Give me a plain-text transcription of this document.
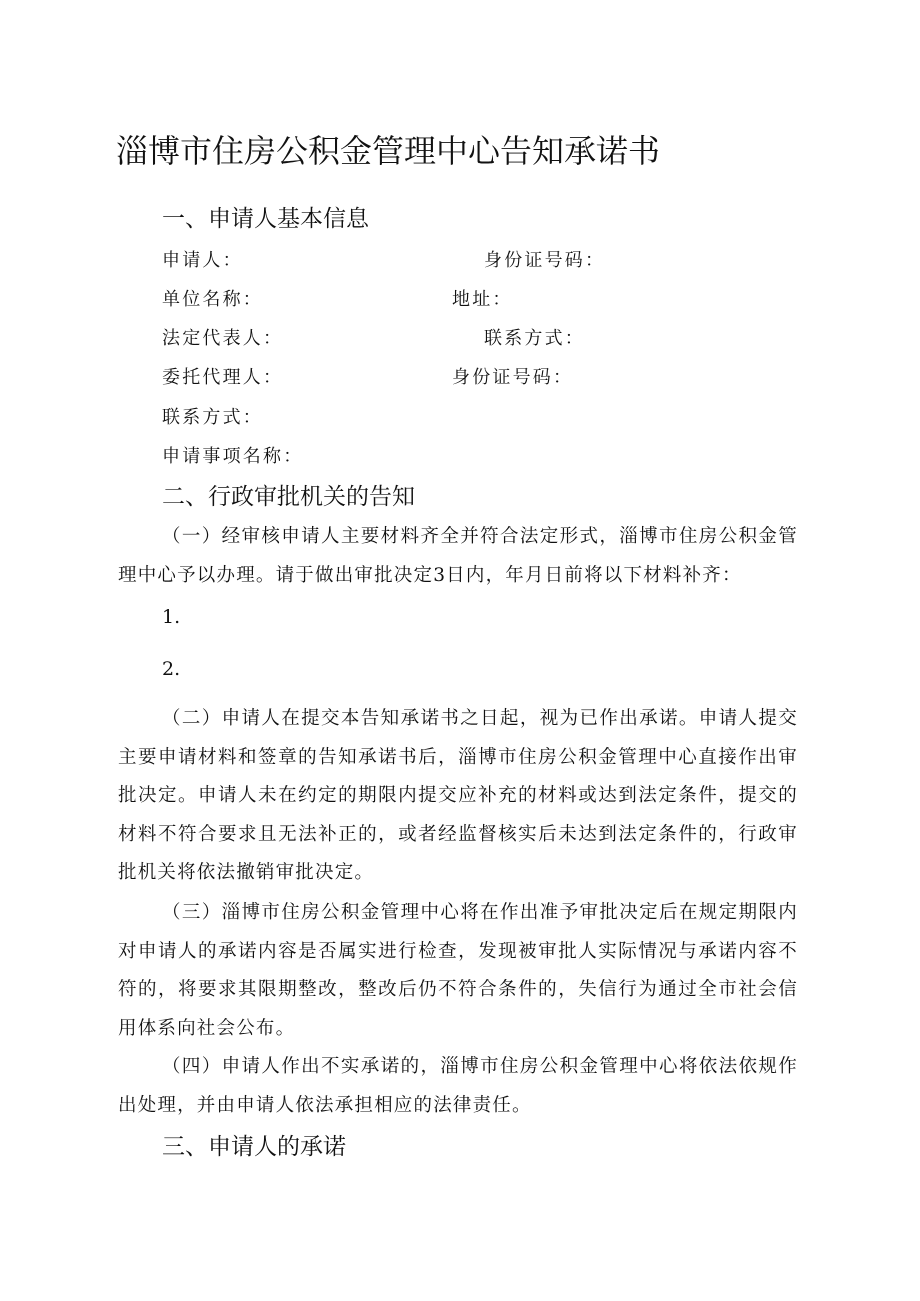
淄博市住房公积金管理中心告知承诺书
一、申请人基本信息
申请人：	身份证号码：
单位名称：	地址：
法定代表人：	联系方式：
委托代理人：	身份证号码：
联系方式：
申请事项名称：
二、行政审批机关的告知

（一）经审核申请人主要材料齐全并符合法定形式，淄博市住房公积金管理中心予以办理。请于做出审批决定3日内，年月日前将以下材料补齐：

1.
2.

（二）申请人在提交本告知承诺书之日起，视为已作出承诺。申请人提交主要申请材料和签章的告知承诺书后，淄博市住房公积金管理中心直接作出审批决定。申请人未在约定的期限内提交应补充的材料或达到法定条件，提交的材料不符合要求且无法补正的，或者经监督核实后未达到法定条件的，行政审批机关将依法撤销审批决定。

（三）淄博市住房公积金管理中心将在作出准予审批决定后在规定期限内对申请人的承诺内容是否属实进行检查，发现被审批人实际情况与承诺内容不符的，将要求其限期整改，整改后仍不符合条件的，失信行为通过全市社会信用体系向社会公布。

（四）申请人作出不实承诺的，淄博市住房公积金管理中心将依法依规作出处理，并由申请人依法承担相应的法律责任。

三、申请人的承诺
